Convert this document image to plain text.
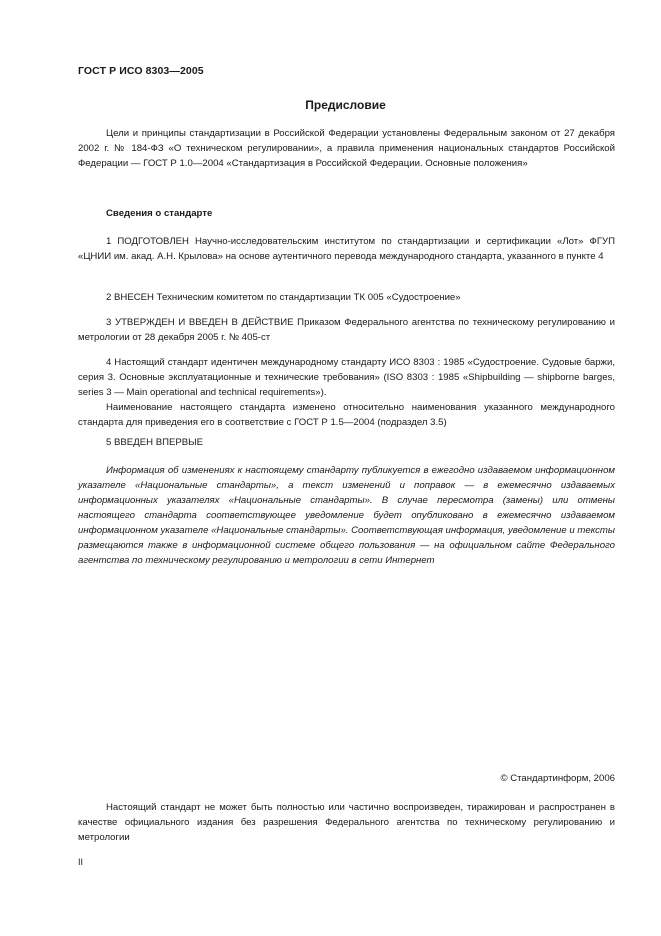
ГОСТ Р ИСО 8303—2005
Предисловие

Цели и принципы стандартизации в Российской Федерации установлены Федеральным законом от 27 декабря 2002 г. № 184-ФЗ «О техническом регулировании», а правила применения национальных стандартов Российской Федерации — ГОСТ Р 1.0—2004 «Стандартизация в Российской Федерации. Основные положения»

Сведения о стандарте

1 ПОДГОТОВЛЕН Научно-исследовательским институтом по стандартизации и сертификации «Лот» ФГУП «ЦНИИ им. акад. А.Н. Крылова» на основе аутентичного перевода международного стандарта, указанного в пункте 4

2 ВНЕСЕН Техническим комитетом по стандартизации ТК 005 «Судостроение»

3 УТВЕРЖДЕН И ВВЕДЕН В ДЕЙСТВИЕ Приказом Федерального агентства по техническому регулированию и метрологии от 28 декабря 2005 г. № 405-ст

4 Настоящий стандарт идентичен международному стандарту ИСО 8303 : 1985 «Судостроение. Судовые баржи, серия 3. Основные эксплуатационные и технические требования» (ISO 8303 : 1985 «Shipbuilding — shipborne barges, series 3 — Main operational and technical requirements»).

Наименование настоящего стандарта изменено относительно наименования указанного международного стандарта для приведения его в соответствие с ГОСТ Р 1.5—2004 (подраздел 3.5)

5 ВВЕДЕН ВПЕРВЫЕ

Информация об изменениях к настоящему стандарту публикуется в ежегодно издаваемом информационном указателе «Национальные стандарты», а текст изменений и поправок — в ежемесячно издаваемых информационных указателях «Национальные стандарты». В случае пересмотра (замены) или отмены настоящего стандарта соответствующее уведомление будет опубликовано в ежемесячно издаваемом информационном указателе «Национальные стандарты». Соответствующая информация, уведомление и тексты размещаются также в информационной системе общего пользования — на официальном сайте Федерального агентства по техническому регулированию и метрологии в сети Интернет

© Стандартинформ, 2006

Настоящий стандарт не может быть полностью или частично воспроизведен, тиражирован и распространен в качестве официального издания без разрешения Федерального агентства по техническому регулированию и метрологии

II
